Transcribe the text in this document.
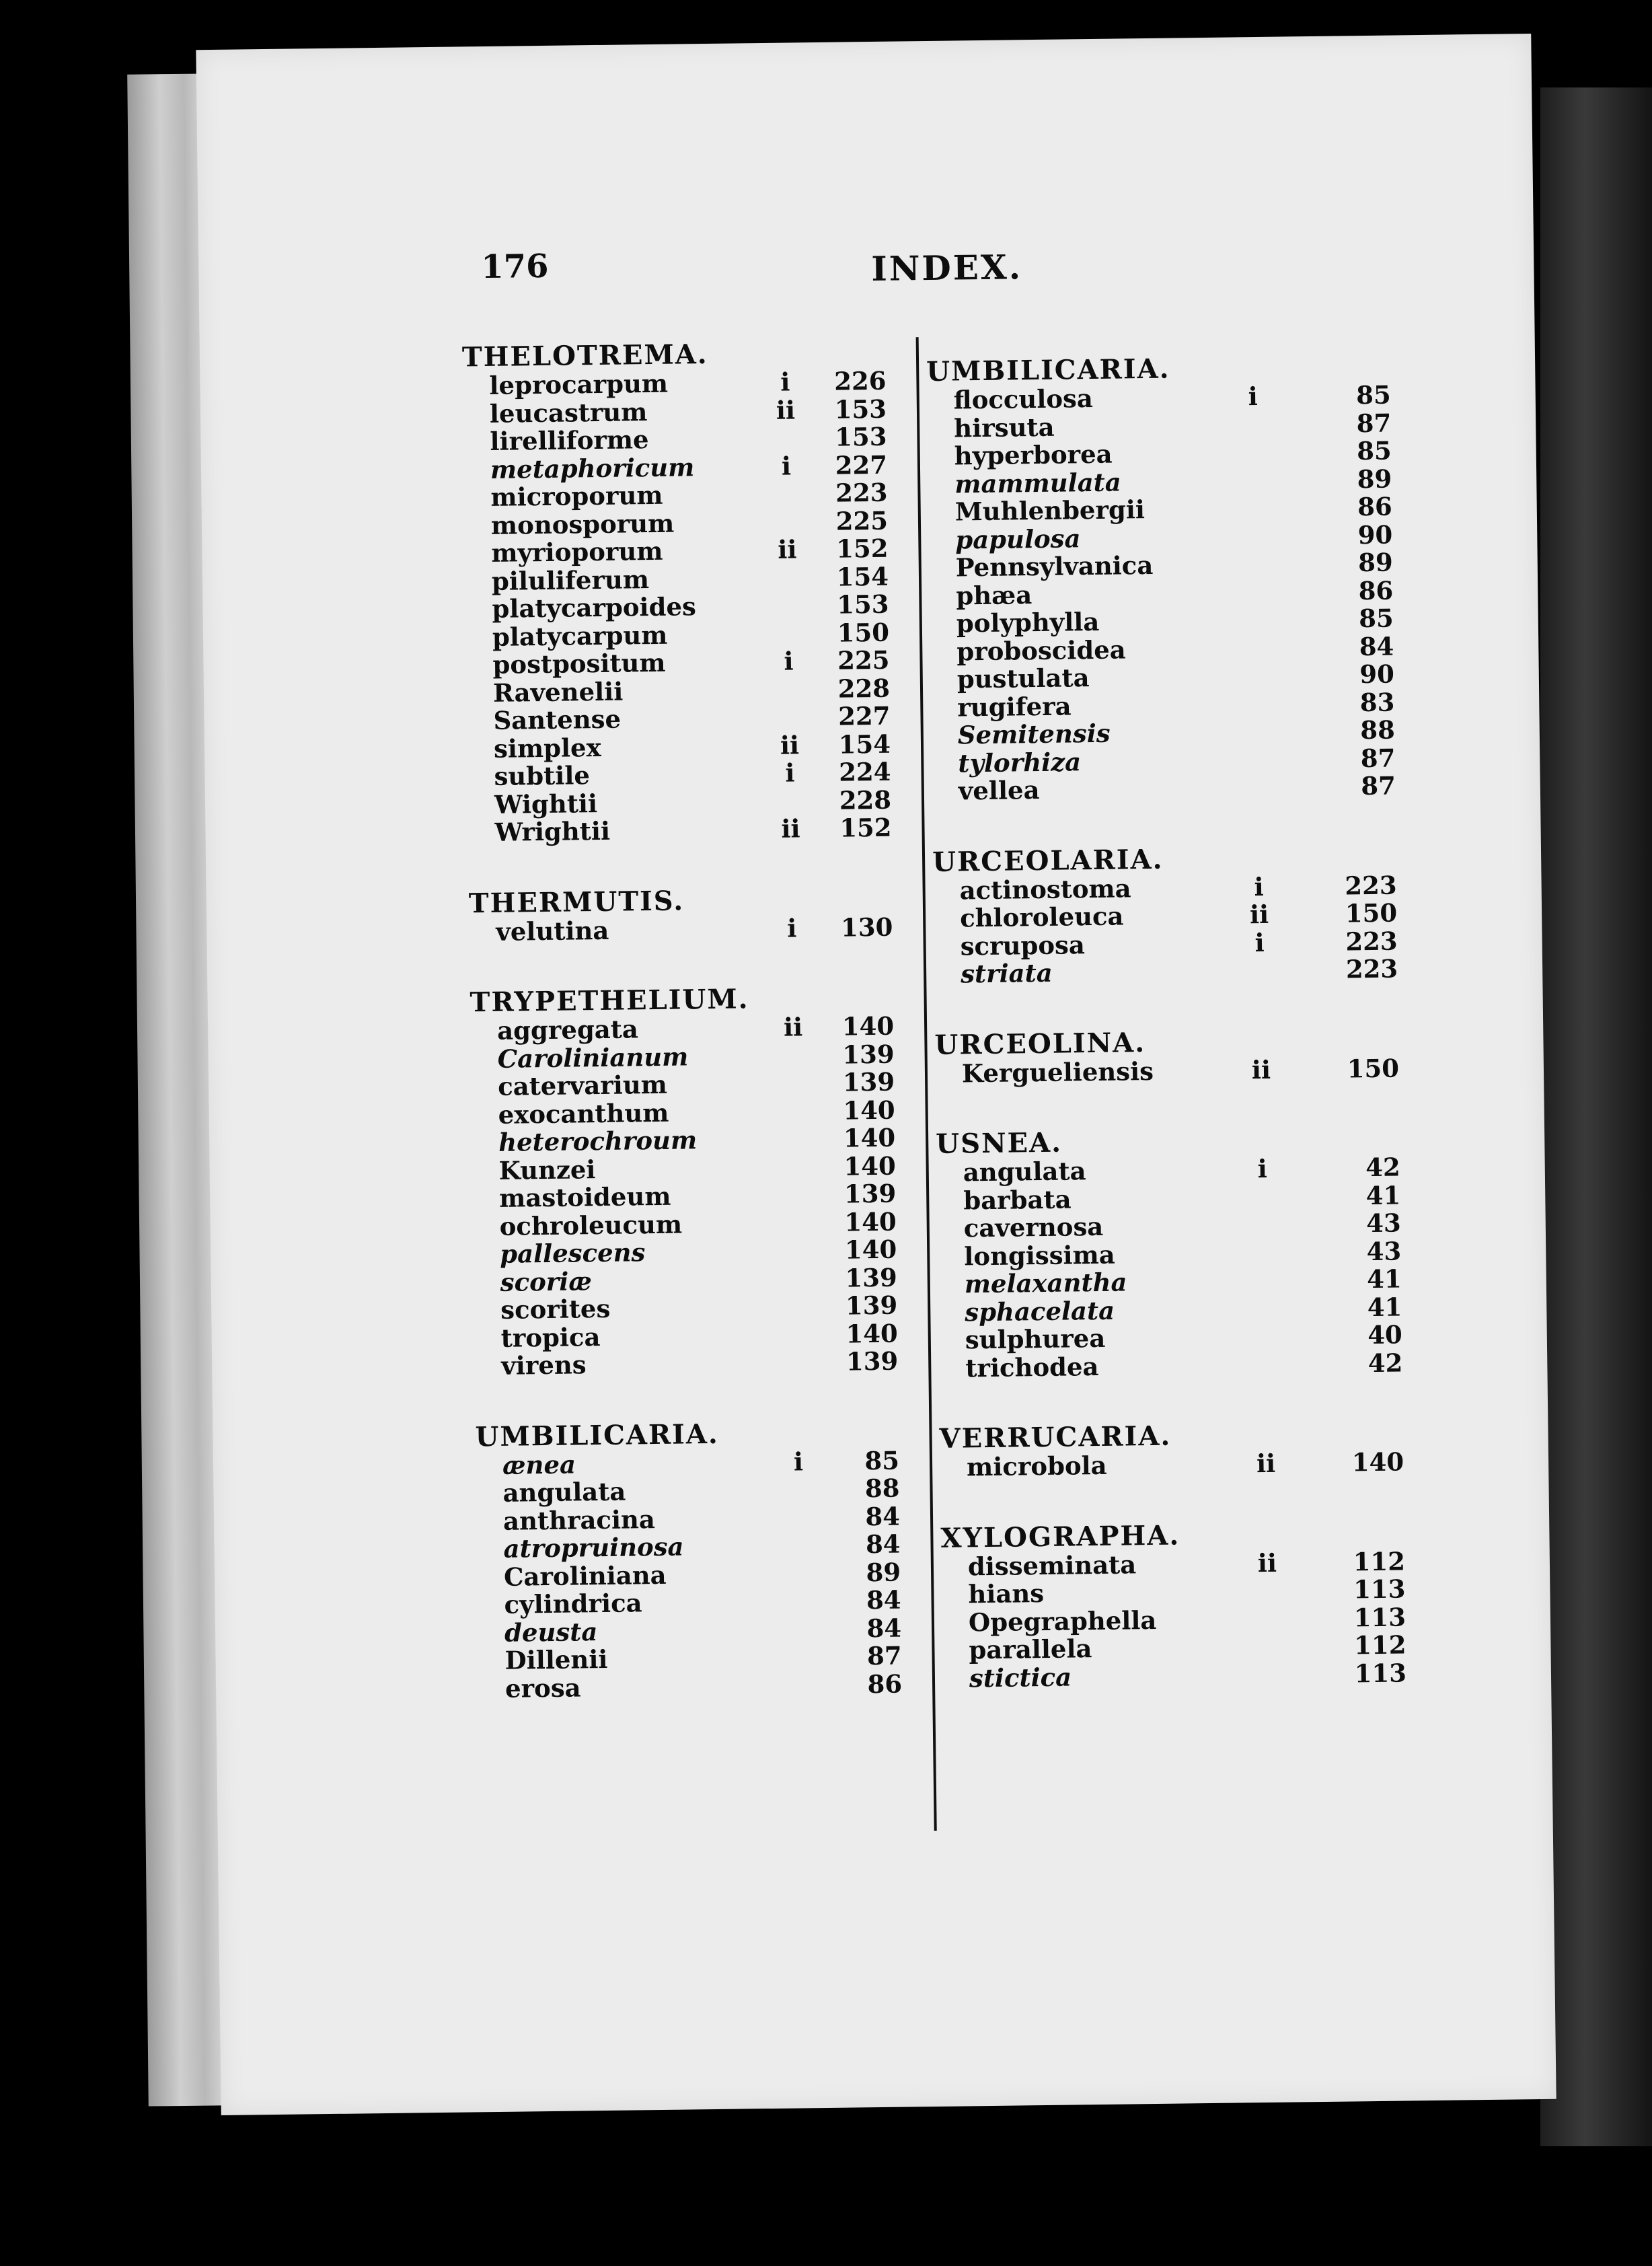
176	INDEX.
THELOTREMA.
leprocarpum	i	226
leucastrum	ii	153
lirelliforme	153
metaphoricum	i	227
microporum	223
monosporum	225
myrioporum	ii	152
piluliferum	154
platycarpoides	153
platycarpum	150
postpositum	i	225
Ravenelii	228
Santense	227
simplex	ii	154
subtile	i	224
Wightii	228
Wrightii	ii	152
THERMUTIS.
velutina	i	130
TRYPETHELIUM.
aggregata	ii	140
Carolinianum	139
catervarium	139
exocanthum	140
heterochroum	140
Kunzei	140
mastoideum	139
ochroleucum	140
pallescens	140
scoriæ	139
scorites	139
tropica	140
virens	139
UMBILICARIA.
ænea	i	85
angulata	88
anthracina	84
atropruinosa	84
Caroliniana	89
cylindrica	84
deusta	84
Dillenii	87
erosa	86
UMBILICARIA.
flocculosa	i	85
hirsuta	87
hyperborea	85
mammulata	89
Muhlenbergii	86
papulosa	90
Pennsylvanica	89
phæa	86
polyphylla	85
proboscidea	84
pustulata	90
rugifera	83
Semitensis	88
tylorhiza	87
vellea	87
URCEOLARIA.
actinostoma	i	223
chloroleuca	ii	150
scruposa	i	223
striata	223
URCEOLINA.
Kergueliensis	ii	150
USNEA.
angulata	i	42
barbata	41
cavernosa	43
longissima	43
melaxantha	41
sphacelata	41
sulphurea	40
trichodea	42
VERRUCARIA.
microbola	ii	140
XYLOGRAPHA.
disseminata	ii	112
hians	113
Opegraphella	113
parallela	112
stictica	113
